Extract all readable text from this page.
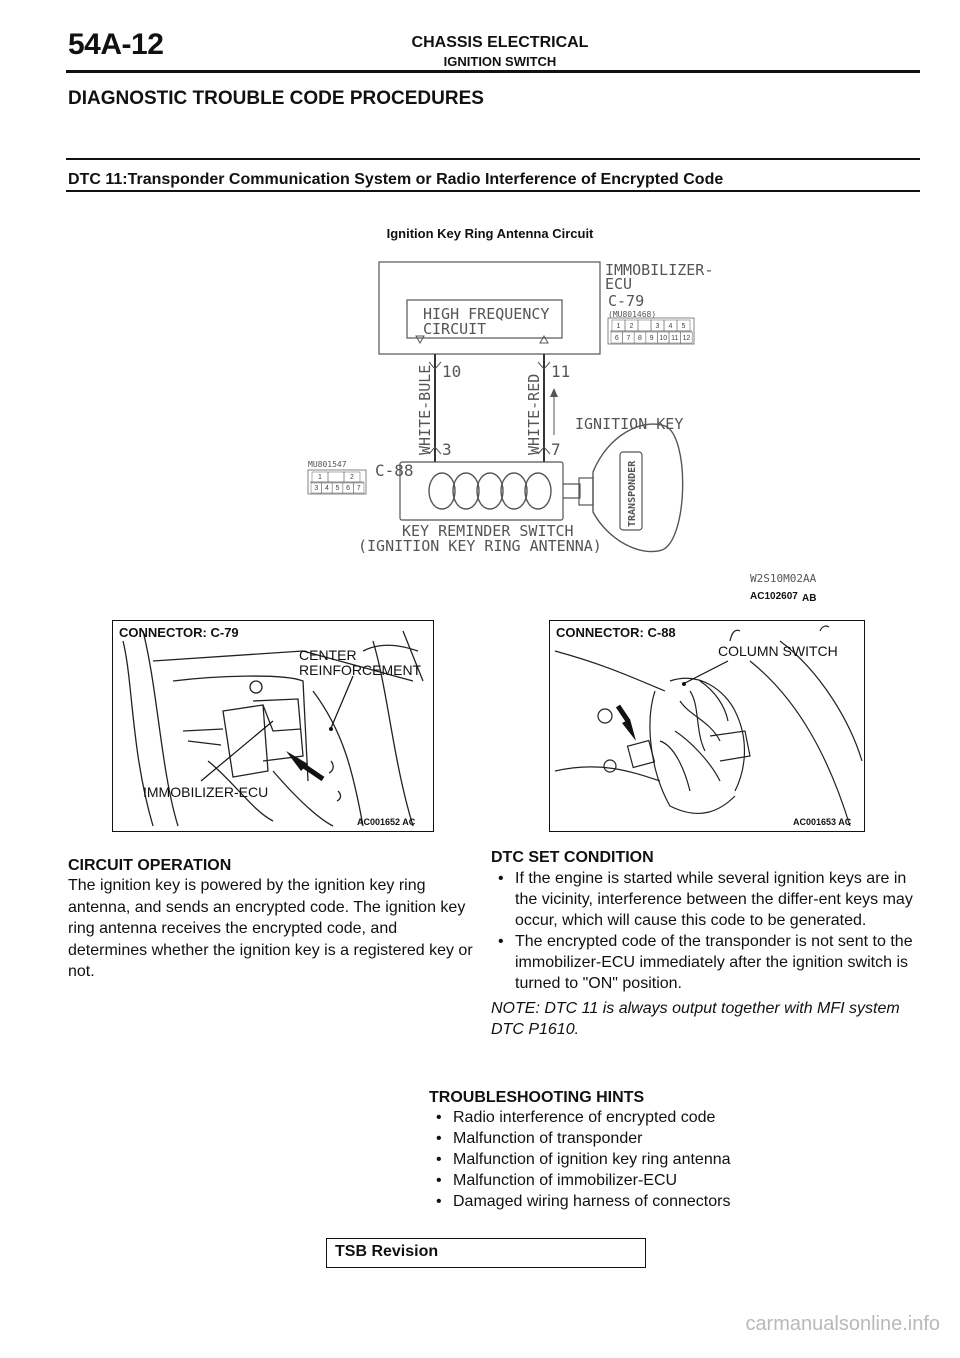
54A-12	CHASSIS ELECTRICAL
IGNITION SWITCH
DIAGNOSTIC TROUBLE CODE PROCEDURES
DTC 11:Transponder Communication System or Radio Interference of Encrypted Code
Ignition Key Ring Antenna Circuit
HIGH FREQUENCY
CIRCUIT
IMMOBILIZER-
ECU
C-79
(MU801468)
1 2	3 4 5
6 7 8 9 10 11 12
10	11
3	7
WHITE-BULE	WHITE-RED IGNITION KEY
C-88
MU801547
1	2
3 4 5 6 7
KEY REMINDER SWITCH
(IGNITION KEY RING ANTENNA)
TRANSPONDER
W2S10M02AA
AC102607 AB
CONNECTOR: C-79
CENTER
REINFORCEMENT
IMMOBILIZER-ECU
AC001652 AC
CONNECTOR: C-88
COLUMN SWITCH
AC001653 AC
CIRCUIT OPERATION
The ignition key is powered by the ignition key ring antenna, and sends an encrypted code. The ignition key ring antenna receives the encrypted code, and determines whether the ignition key is a registered key or not.
DTC SET CONDITION
• If the engine is started while several ignition keys are in the vicinity, interference between the differ-ent keys may occur, which will cause this code to be generated.
• The encrypted code of the transponder is not sent to the immobilizer-ECU immediately after the ignition switch is turned to "ON" position.
NOTE: DTC 11 is always output together with MFI system DTC P1610.
TROUBLESHOOTING HINTS
• Radio interference of encrypted code
• Malfunction of transponder
• Malfunction of ignition key ring antenna
• Malfunction of immobilizer-ECU
• Damaged wiring harness of connectors
TSB Revision
carmanualsonline.info
